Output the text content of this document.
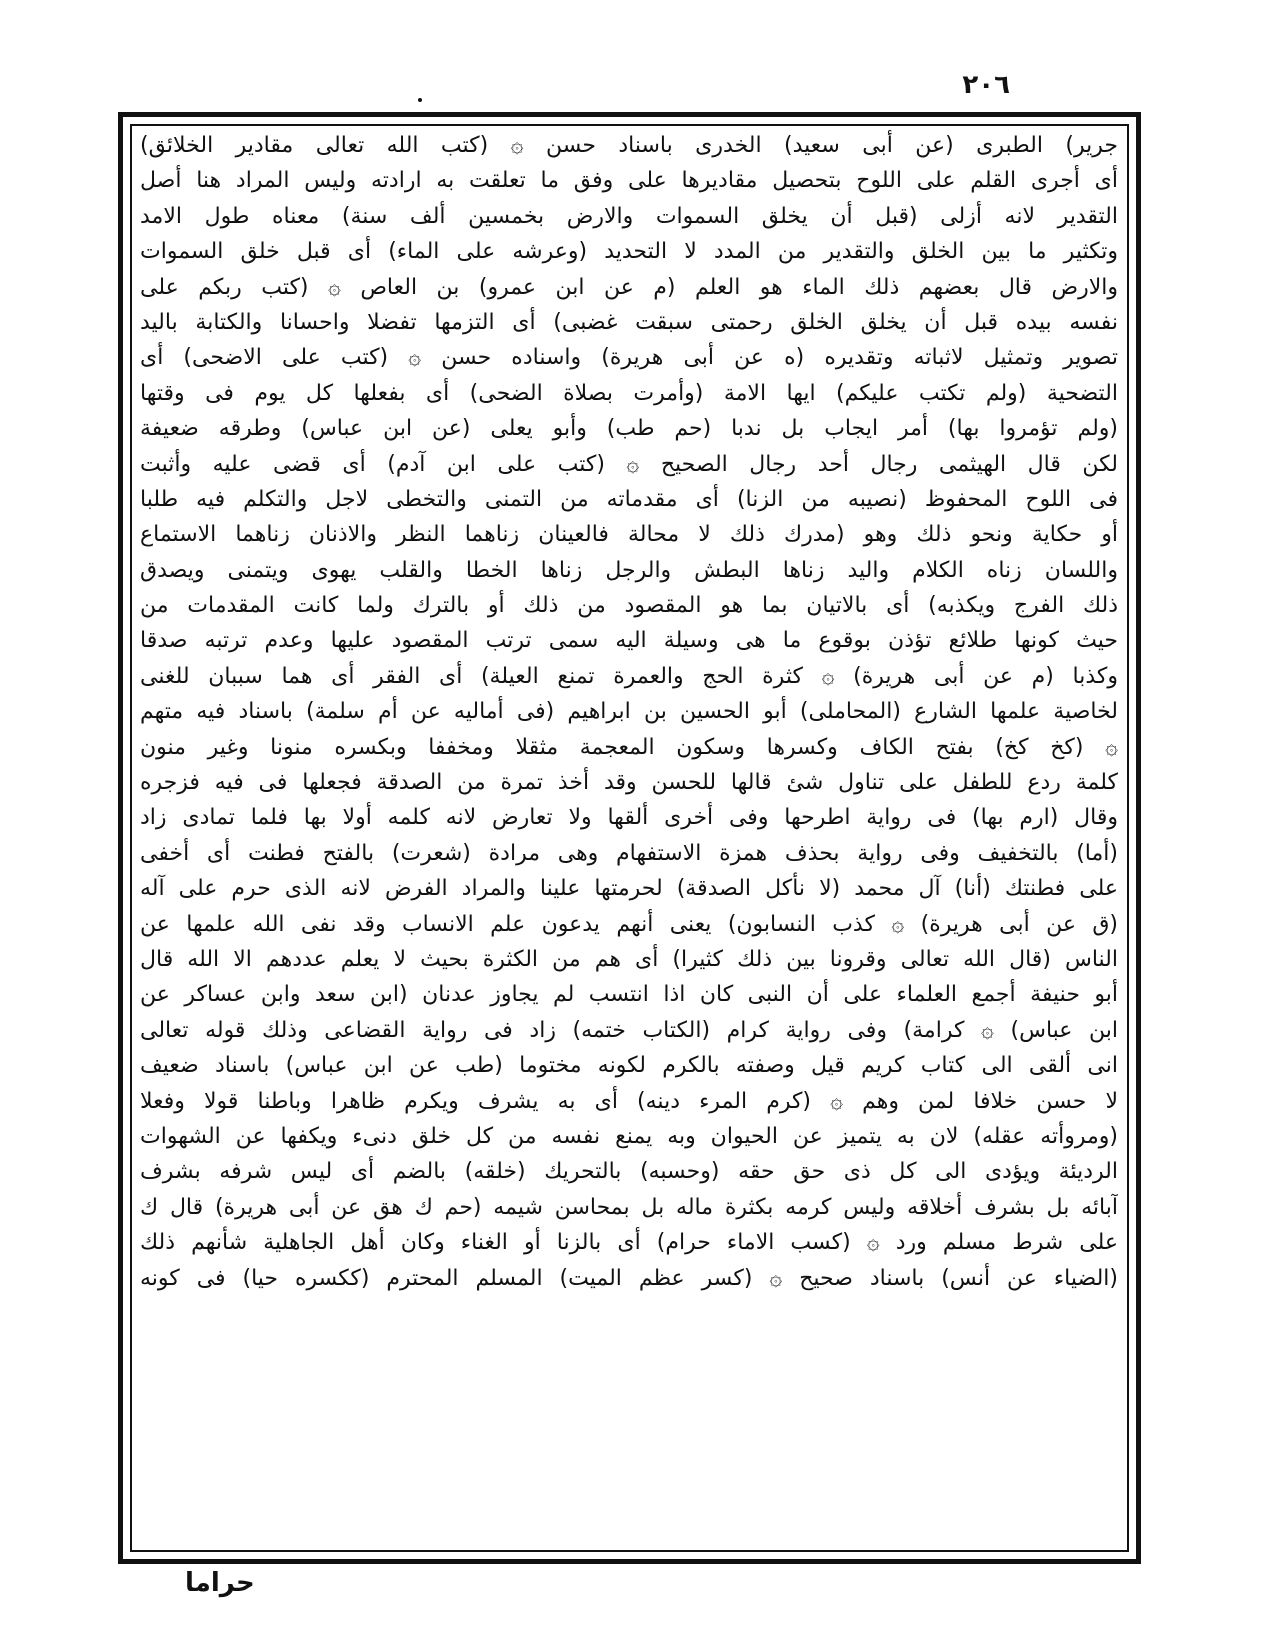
٢٠٦
جرير) الطبرى (عن أبى سعيد) الخدرى باسناد حسن ۞ (كتب الله تعالى مقادير الخلائق)
أى أجرى القلم على اللوح بتحصيل مقاديرها على وفق ما تعلقت به ارادته وليس المراد هنا أصل
التقدير لانه أزلى (قبل أن يخلق السموات والارض بخمسين ألف سنة) معناه طول الامد
وتكثير ما بين الخلق والتقدير من المدد لا التحديد (وعرشه على الماء) أى قبل خلق السموات
والارض قال بعضهم ذلك الماء هو العلم (م عن ابن عمرو) بن العاص ۞ (كتب ربكم على
نفسه بيده قبل أن يخلق الخلق رحمتى سبقت غضبى) أى التزمها تفضلا واحسانا والكتابة باليد
تصوير وتمثيل لاثباته وتقديره (ه عن أبى هريرة) واسناده حسن ۞ (كتب على الاضحى) أى
التضحية (ولم تكتب عليكم) ايها الامة (وأمرت بصلاة الضحى) أى بفعلها كل يوم فى وقتها
(ولم تؤمروا بها) أمر ايجاب بل ندبا (حم طب) وأبو يعلى (عن ابن عباس) وطرقه ضعيفة
لكن قال الهيثمى رجال أحد رجال الصحيح ۞ (كتب على ابن آدم) أى قضى عليه وأثبت
فى اللوح المحفوظ (نصيبه من الزنا) أى مقدماته من التمنى والتخطى لاجل والتكلم فيه طلبا
أو حكاية ونحو ذلك وهو (مدرك ذلك لا محالة فالعينان زناهما النظر والاذنان زناهما الاستماع
واللسان زناه الكلام واليد زناها البطش والرجل زناها الخطا والقلب يهوى ويتمنى ويصدق
ذلك الفرج ويكذبه) أى بالاتيان بما هو المقصود من ذلك أو بالترك ولما كانت المقدمات من
حيث كونها طلائع تؤذن بوقوع ما هى وسيلة اليه سمى ترتب المقصود عليها وعدم ترتبه صدقا
وكذبا (م عن أبى هريرة) ۞ كثرة الحج والعمرة تمنع العيلة) أى الفقر أى هما سببان للغنى
لخاصية علمها الشارع (المحاملى) أبو الحسين بن ابراهيم (فى أماليه عن أم سلمة) باسناد فيه متهم
۞ (كخ كخ) بفتح الكاف وكسرها وسكون المعجمة مثقلا ومخففا وبكسره منونا وغير منون
كلمة ردع للطفل على تناول شئ قالها للحسن وقد أخذ تمرة من الصدقة فجعلها فى فيه فزجره
وقال (ارم بها) فى رواية اطرحها وفى أخرى ألقها ولا تعارض لانه كلمه أولا بها فلما تمادى زاد
(أما) بالتخفيف وفى رواية بحذف همزة الاستفهام وهى مرادة (شعرت) بالفتح فطنت أى أخفى
على فطنتك (أنا) آل محمد (لا نأكل الصدقة) لحرمتها علينا والمراد الفرض لانه الذى حرم على آله
(ق عن أبى هريرة) ۞ كذب النسابون) يعنى أنهم يدعون علم الانساب وقد نفى الله علمها عن
الناس (قال الله تعالى وقرونا بين ذلك كثيرا) أى هم من الكثرة بحيث لا يعلم عددهم الا الله قال
أبو حنيفة أجمع العلماء على أن النبى كان اذا انتسب لم يجاوز عدنان (ابن سعد وابن عساكر عن
ابن عباس) ۞ كرامة) وفى رواية كرام (الكتاب ختمه) زاد فى رواية القضاعى وذلك قوله تعالى
انى ألقى الى كتاب كريم قيل وصفته بالكرم لكونه مختوما (طب عن ابن عباس) باسناد ضعيف
لا حسن خلافا لمن وهم ۞ (كرم المرء دينه) أى به يشرف ويكرم ظاهرا وباطنا قولا وفعلا
(ومروأته عقله) لان به يتميز عن الحيوان وبه يمنع نفسه من كل خلق دنىء ويكفها عن الشهوات
الرديئة ويؤدى الى كل ذى حق حقه (وحسبه) بالتحريك (خلقه) بالضم أى ليس شرفه بشرف
آبائه بل بشرف أخلاقه وليس كرمه بكثرة ماله بل بمحاسن شيمه (حم ك هق عن أبى هريرة) قال ك
على شرط مسلم ورد ۞ (كسب الاماء حرام) أى بالزنا أو الغناء وكان أهل الجاهلية شأنهم ذلك
(الضياء عن أنس) باسناد صحيح ۞ (كسر عظم الميت) المسلم المحترم (ككسره حيا) فى كونه
حراما
